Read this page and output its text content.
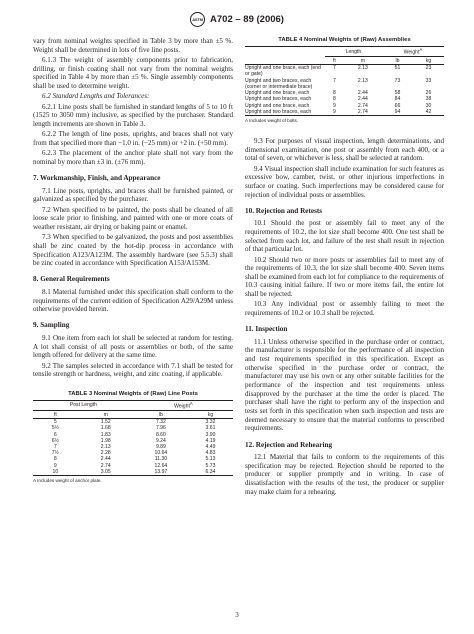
ASTM A702 – 89 (2006)

vary from nominal weights specified in Table 3 by more than ±5 %. Weight shall be determined in lots of five line posts.

6.1.3 The weight of assembly components prior to fabrication, drilling, or finish coating shall not vary from the nominal weights specified in Table 4 by more than ±5 %. Single assembly components shall be used to determine weight.

6.2 Standard Lengths and Tolerances:

6.2.1 Line posts shall be furnished in standard lengths of 5 to 10 ft (1525 to 3050 mm) inclusive, as specified by the purchaser. Standard length increments are shown in Table 3.

6.2.2 The length of line posts, uprights, and braces shall not vary from that specified more than −1.0 in. (−25 mm) or +2 in. (+50 mm).

6.2.3 The placement of the anchor plate shall not vary from the nominal by more than ±3 in. (±76 mm).

7. Workmanship, Finish, and Appearance

7.1 Line posts, uprights, and braces shall be furnished painted, or galvanized as specified by the purchaser.

7.2 When specified to be painted, the posts shall be cleaned of all loose scale prior to finishing, and painted with one or more coats of weather resistant, air drying or baking paint or enamel.

7.3 When specified to be galvanized, the posts and post assemblies shall be zinc coated by the hot-dip process in accordance with Specification A123/A123M. The assembly hardware (see 5.5.3) shall be zinc coated in accordance with Specification A153/A153M.

8. General Requirements

8.1 Material furnished under this specification shall conform to the requirements of the current edition of Specification A29/A29M unless otherwise provided herein.

9. Sampling

9.1 One item from each lot shall be selected at random for testing. A lot shall consist of all posts or assemblies or both, of the same length offered for delivery at the same time.

9.2 The samples selected in accordance with 7.1 shall be tested for tensile strength or hardness, weight, and zinc coating, if applicable.

TABLE 3 Nominal Weights of (Raw) Line Posts
Post Length		Weight$^A$
ft	m	lb	kg
5	1.52	7.32	3.32
5½	1.68	7.96	3.61
6	1.83	8.60	3.90
6½	1.98	9.24	4.19
7	2.13	9.89	4.49
7½	2.28	10.64	4.83
8	2.44	11.30	5.13
9	2.74	12.64	5.73
10	3.05	13.97	6.34
A Includes weight of anchor plate.
TABLE 4 Nominal Weights of (Raw) Assemblies
	Length		Weight$^A$
	ft	m	lb	kg
Upright and one brace, each (end or gate)	7	2.13	51	23
Upright and two braces, each (corner or intermediate brace)	7	2.13	73	33
Upright and one brace, each	8	2.44	58	26
Upright and two braces, each	8	2.44	84	38
Upright and one brace, each	9	2.74	66	30
Upright and two braces, each	9	2.74	94	42
A Includes weight of bolts.

9.3 For purposes of visual inspection, length determinations, and dimensional examination, one post or assembly from each 400, or a total of seven, or whichever is less, shall be selected at random.

9.4 Visual inspection shall include examination for such features as excessive bow, camber, twist, or other injurious imperfections in surface or coating. Such imperfections may be considered cause for rejection of individual posts or assemblies.

10. Rejection and Retests

10.1 Should the post or assembly fail to meet any of the requirements of 10.2, the lot size shall become 400. One test shall be selected from each lot, and failure of the test shall result in rejection of that particular lot.

10.2 Should two or more posts or assemblies fail to meet any of the requirements of 10.3, the lot size shall become 400. Seven items shall be examined from each lot for compliance to the requirements of 10.3 causing initial failure. If two or more items fail, the entire lot shall be rejected.

10.3 Any individual post or assembly failing to meet the requirements of 10.2 or 10.3 shall be rejected.

11. Inspection

11.1 Unless otherwise specified in the purchase order or contract, the manufacturer is responsible for the performance of all inspection and test requirements specified in this specification. Except as otherwise specified in the purchase order or contract, the manufacturer may use his own or any other suitable facilities for the performance of the inspection and test requirements unless disapproved by the purchaser at the time the order is placed. The purchaser shall have the right to perform any of the inspection and tests set forth in this specification when such inspection and tests are deemed necessary to ensure that the material conforms to prescribed requirements.

12. Rejection and Rehearing

12.1 Material that fails to conform to the requirements of this specification may be rejected. Rejection should be reported to the producer or supplier promptly and in writing. In case of dissatisfaction with the results of the test, the producer or supplier may make claim for a rehearing.

3
